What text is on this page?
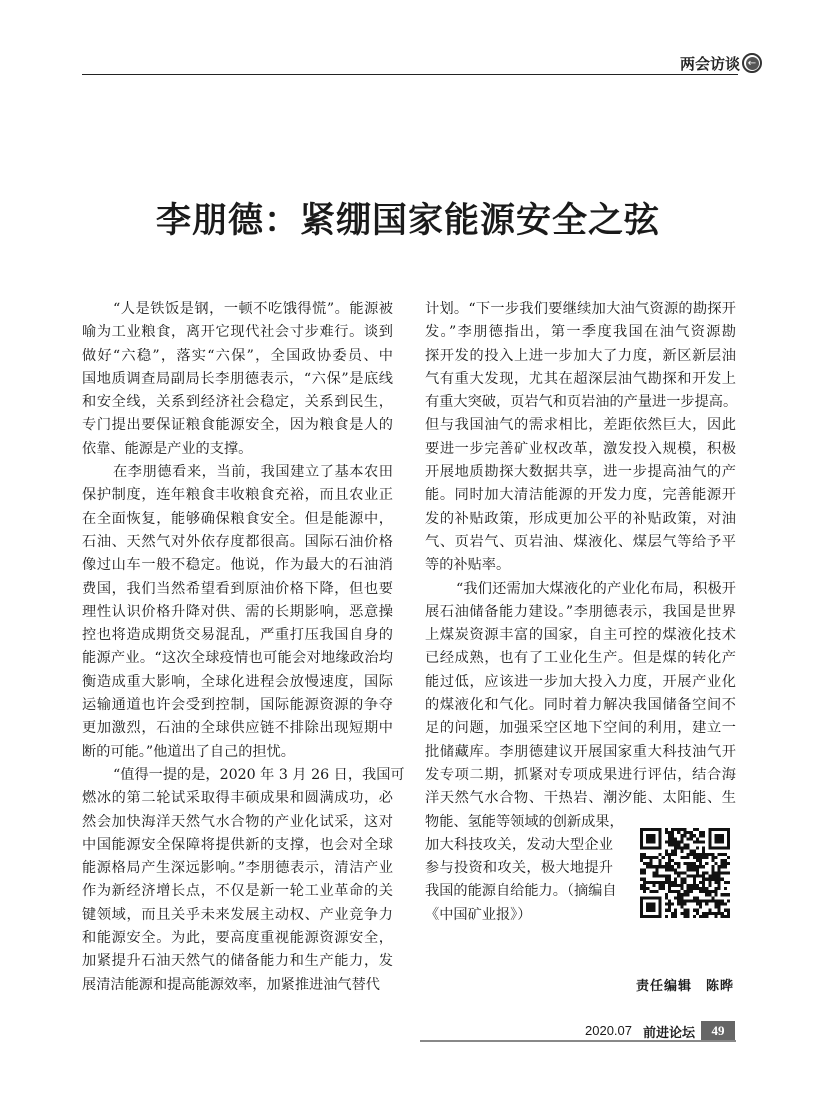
两会访谈 ←
李朋德：紧绷国家能源安全之弦
“人是铁饭是钢，一顿不吃饿得慌”。能源被
喻为工业粮食，离开它现代社会寸步难行。谈到
做好“六稳”，落实“六保”，全国政协委员、中
国地质调查局副局长李朋德表示，“六保”是底线
和安全线，关系到经济社会稳定，关系到民生，
专门提出要保证粮食能源安全，因为粮食是人的
依靠、能源是产业的支撑。
在李朋德看来，当前，我国建立了基本农田
保护制度，连年粮食丰收粮食充裕，而且农业正
在全面恢复，能够确保粮食安全。但是能源中，
石油、天然气对外依存度都很高。国际石油价格
像过山车一般不稳定。他说，作为最大的石油消
费国，我们当然希望看到原油价格下降，但也要
理性认识价格升降对供、需的长期影响，恶意操
控也将造成期货交易混乱，严重打压我国自身的
能源产业。“这次全球疫情也可能会对地缘政治均
衡造成重大影响，全球化进程会放慢速度，国际
运输通道也许会受到控制，国际能源资源的争夺
更加激烈，石油的全球供应链不排除出现短期中
断的可能。”他道出了自己的担忧。
“值得一提的是，2020 年 3 月 26 日，我国可
燃冰的第二轮试采取得丰硕成果和圆满成功，必
然会加快海洋天然气水合物的产业化试采，这对
中国能源安全保障将提供新的支撑，也会对全球
能源格局产生深远影响。”李朋德表示，清洁产业
作为新经济增长点，不仅是新一轮工业革命的关
键领域，而且关乎未来发展主动权、产业竞争力
和能源安全。为此，要高度重视能源资源安全，
加紧提升石油天然气的储备能力和生产能力，发
展清洁能源和提高能源效率，加紧推进油气替代
计划。“下一步我们要继续加大油气资源的勘探开
发。”李朋德指出，第一季度我国在油气资源勘
探开发的投入上进一步加大了力度，新区新层油
气有重大发现，尤其在超深层油气勘探和开发上
有重大突破，页岩气和页岩油的产量进一步提高。
但与我国油气的需求相比，差距依然巨大，因此
要进一步完善矿业权改革，激发投入规模，积极
开展地质勘探大数据共享，进一步提高油气的产
能。同时加大清洁能源的开发力度，完善能源开
发的补贴政策，形成更加公平的补贴政策，对油
气、页岩气、页岩油、煤液化、煤层气等给予平
等的补贴率。
“我们还需加大煤液化的产业化布局，积极开
展石油储备能力建设。”李朋德表示，我国是世界
上煤炭资源丰富的国家，自主可控的煤液化技术
已经成熟，也有了工业化生产。但是煤的转化产
能过低，应该进一步加大投入力度，开展产业化
的煤液化和气化。同时着力解决我国储备空间不
足的问题，加强采空区地下空间的利用，建立一
批储藏库。李朋德建议开展国家重大科技油气开
发专项二期，抓紧对专项成果进行评估，结合海
洋天然气水合物、干热岩、潮汐能、太阳能、生
物能、氢能等领域的创新成果，
加大科技攻关，发动大型企业
参与投资和攻关，极大地提升
我国的能源自给能力。（摘编自
《中国矿业报》）
责任编辑 陈晔
2020.07 前进论坛	49
